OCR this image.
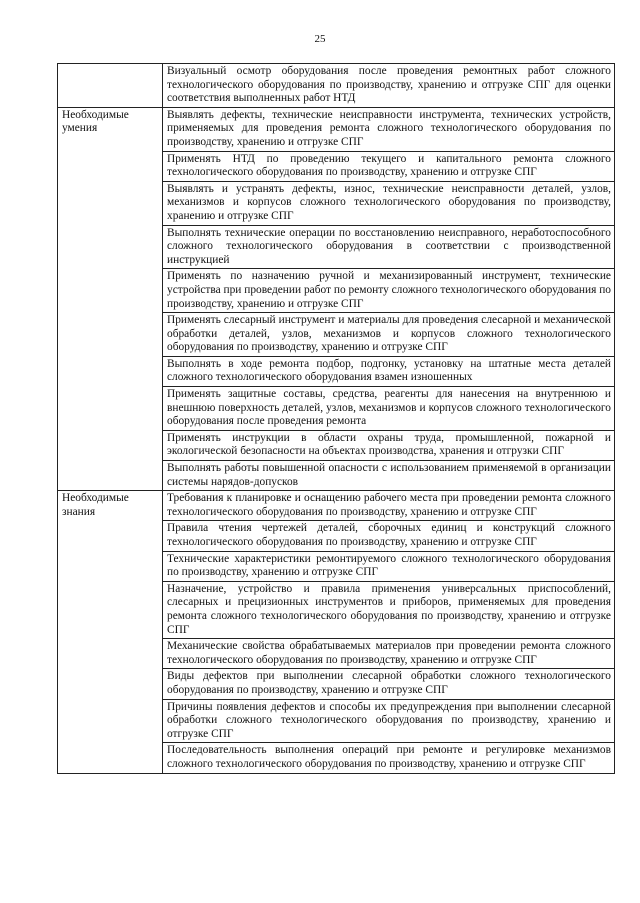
25
	Визуальный осмотр оборудования после проведения ремонтных работ сложного технологического оборудования по производству, хранению и отгрузке СПГ для оценки соответствия выполненных работ НТД
Необходимые умения	Выявлять дефекты, технические неисправности инструмента, технических устройств, применяемых для проведения ремонта сложного технологического оборудования по производству, хранению и отгрузке СПГ
	Применять НТД по проведению текущего и капитального ремонта сложного технологического оборудования по производству, хранению и отгрузке СПГ
	Выявлять и устранять дефекты, износ, технические неисправности деталей, узлов, механизмов и корпусов сложного технологического оборудования по производству, хранению и отгрузке СПГ
	Выполнять технические операции по восстановлению неисправного, неработоспособного сложного технологического оборудования в соответствии с производственной инструкцией
	Применять по назначению ручной и механизированный инструмент, технические устройства при проведении работ по ремонту сложного технологического оборудования по производству, хранению и отгрузке СПГ
	Применять слесарный инструмент и материалы для проведения слесарной и механической обработки деталей, узлов, механизмов и корпусов сложного технологического оборудования по производству, хранению и отгрузке СПГ
	Выполнять в ходе ремонта подбор, подгонку, установку на штатные места деталей сложного технологического оборудования взамен изношенных
	Применять защитные составы, средства, реагенты для нанесения на внутреннюю и внешнюю поверхность деталей, узлов, механизмов и корпусов сложного технологического оборудования после проведения ремонта
	Применять инструкции в области охраны труда, промышленной, пожарной и экологической безопасности на объектах производства, хранения и отгрузки СПГ
	Выполнять работы повышенной опасности с использованием применяемой в организации системы нарядов-допусков
Необходимые знания	Требования к планировке и оснащению рабочего места при проведении ремонта сложного технологического оборудования по производству, хранению и отгрузке СПГ
	Правила чтения чертежей деталей, сборочных единиц и конструкций сложного технологического оборудования по производству, хранению и отгрузке СПГ
	Технические характеристики ремонтируемого сложного технологического оборудования по производству, хранению и отгрузке СПГ
	Назначение, устройство и правила применения универсальных приспособлений, слесарных и прецизионных инструментов и приборов, применяемых для проведения ремонта сложного технологического оборудования по производству, хранению и отгрузке СПГ
	Механические свойства обрабатываемых материалов при проведении ремонта сложного технологического оборудования по производству, хранению и отгрузке СПГ
	Виды дефектов при выполнении слесарной обработки сложного технологического оборудования по производству, хранению и отгрузке СПГ
	Причины появления дефектов и способы их предупреждения при выполнении слесарной обработки сложного технологического оборудования по производству, хранению и отгрузке СПГ
	Последовательность выполнения операций при ремонте и регулировке механизмов сложного технологического оборудования по производству, хранению и отгрузке СПГ
